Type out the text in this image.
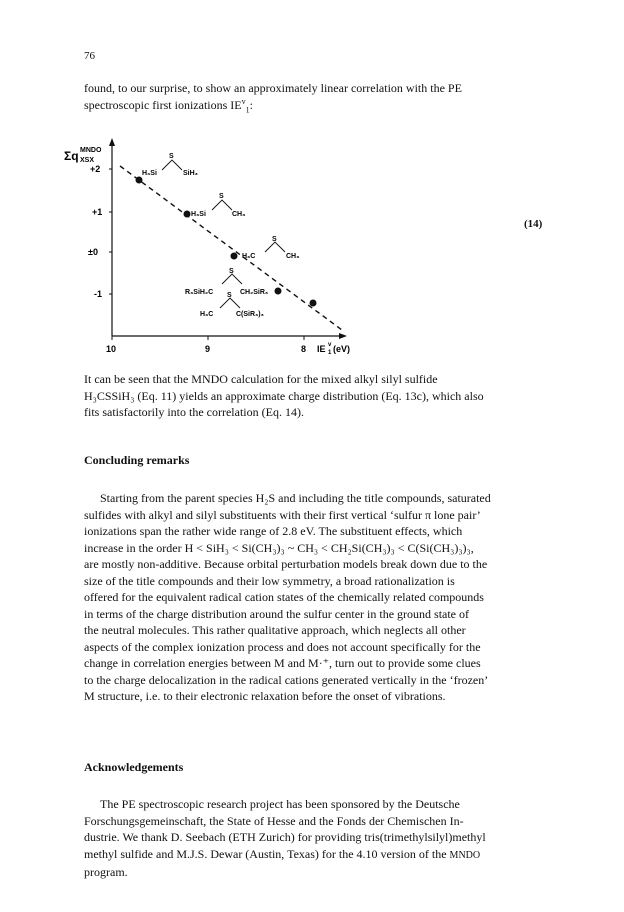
76

found, to our surprise, to show an approximately linear correlation with the PE
spectroscopic first ionizations $IE^v_1$:

Σq MNDO
XSX
+2
+1
±0
-1
10	9	8 IE v
1 (eV)
S
H₃Si	SiH₃
S
H₃Si	CH₃
S
H₃C	CH₃
S
R₃SiH₂C	CH₂SiR₃
S
H₃C	C(SiR₃)₃
(14)

It can be seen that the MNDO calculation for the mixed alkyl silyl sulfide
H₃CSSiH₃ (Eq. 11) yields an approximate charge distribution (Eq. 13c), which also
fits satisfactorily into the correlation (Eq. 14).

Concluding remarks

Starting from the parent species H₂S and including the title compounds, saturated
sulfides with alkyl and silyl substituents with their first vertical ‘sulfur π lone pair’
ionizations span the rather wide range of 2.8 eV. The substituent effects, which
increase in the order H < SiH₃ < Si(CH₃)₃ ~ CH₃ < CH₂Si(CH₃)₃ < C(Si(CH₃)₃)₃,
are mostly non-additive. Because orbital perturbation models break down due to the
size of the title compounds and their low symmetry, a broad rationalization is
offered for the equivalent radical cation states of the chemically related compounds
in terms of the charge distribution around the sulfur center in the ground state of
the neutral molecules. This rather qualitative approach, which neglects all other
aspects of the complex ionization process and does not account specifically for the
change in correlation energies between M and M·⁺, turn out to provide some clues
to the charge delocalization in the radical cations generated vertically in the ‘frozen’
M structure, i.e. to their electronic relaxation before the onset of vibrations.

Acknowledgements

The PE spectroscopic research project has been sponsored by the Deutsche
Forschungsgemeinschaft, the State of Hesse and the Fonds der Chemischen In-
dustrie. We thank D. Seebach (ETH Zurich) for providing tris(trimethylsilyl)methyl
methyl sulfide and M.J.S. Dewar (Austin, Texas) for the 4.10 version of the MNDO
program.
